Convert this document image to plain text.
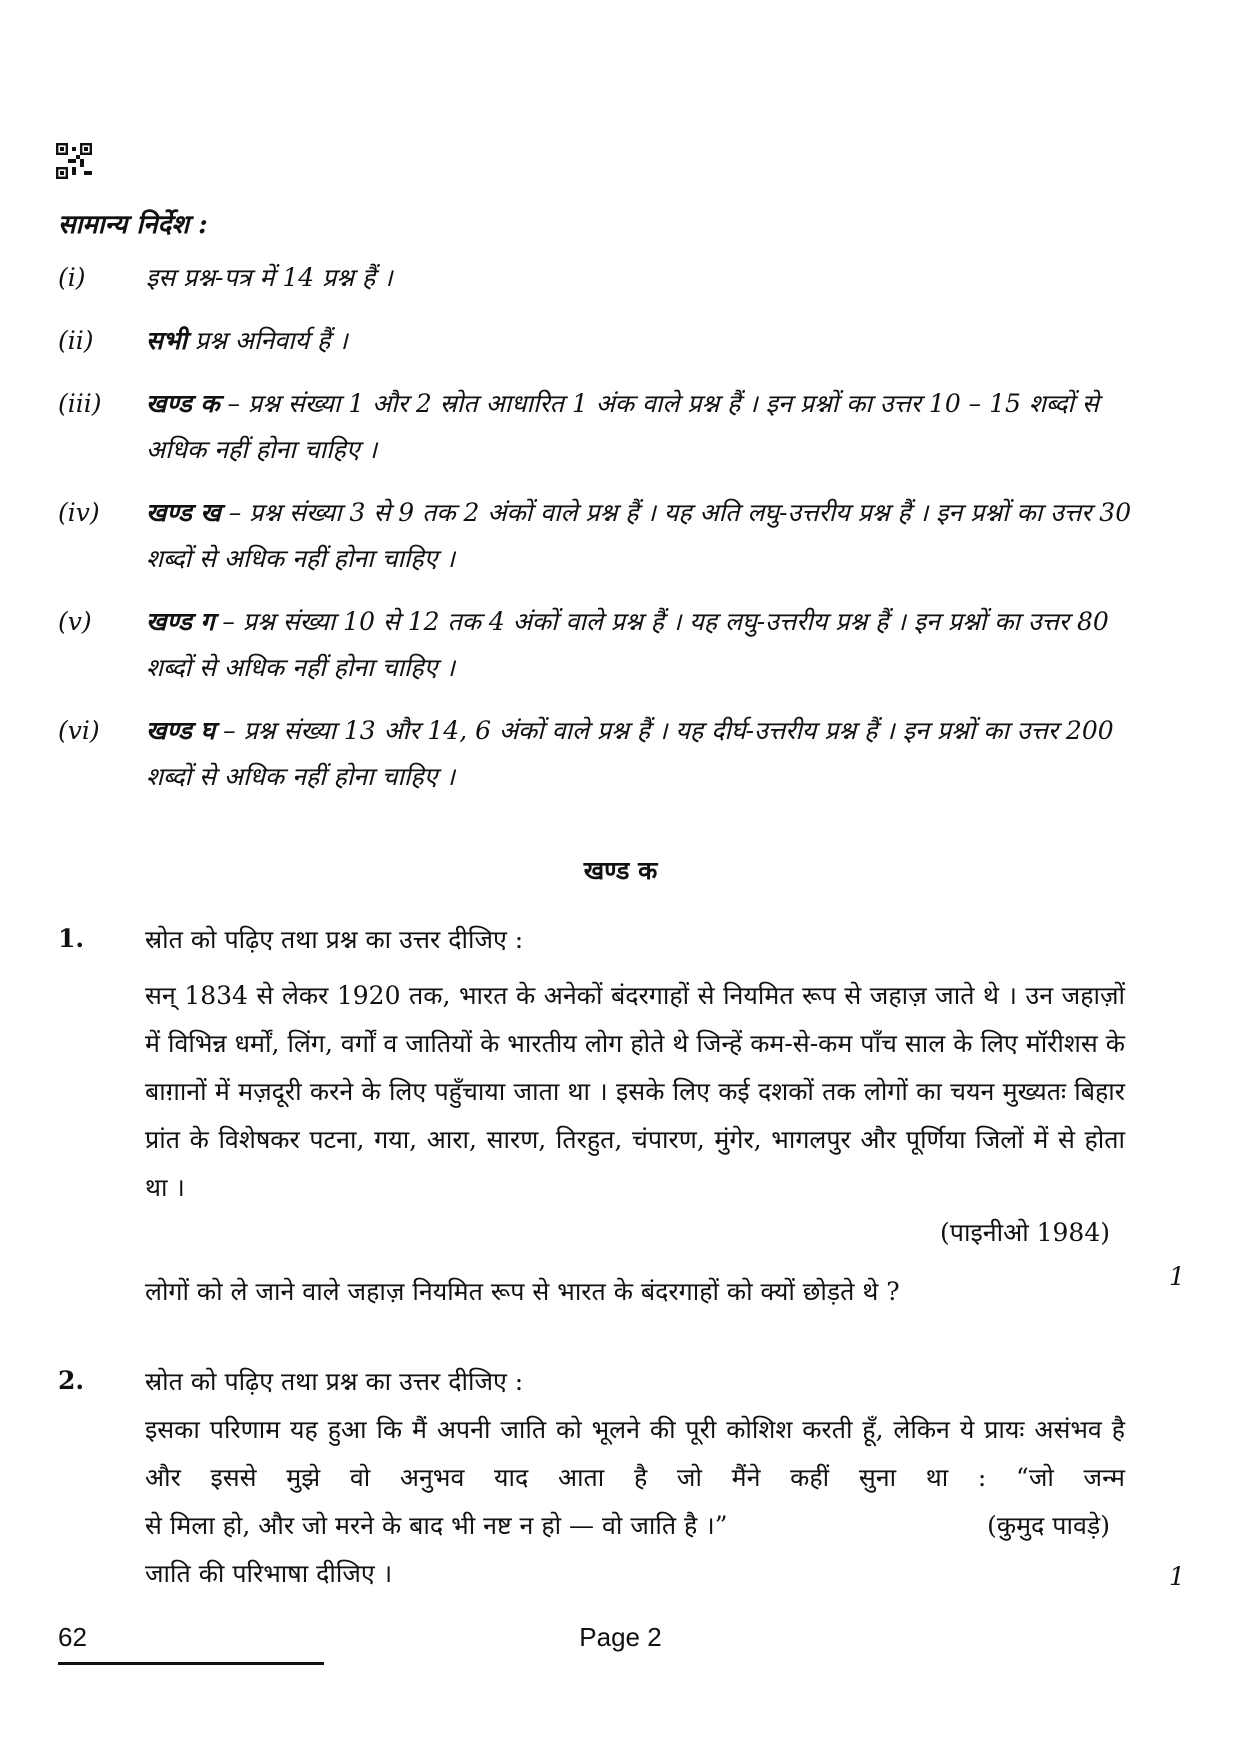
सामान्य निर्देश :
(i)	इस प्रश्न-पत्र में 14 प्रश्न हैं ।
(ii)	सभी प्रश्न अनिवार्य हैं ।
(iii)	खण्ड क – प्रश्न संख्या 1 और 2 स्रोत आधारित 1 अंक वाले प्रश्न हैं । इन प्रश्नों का उत्तर 10 – 15 शब्दों से अधिक नहीं होना चाहिए ।
(iv)	खण्ड ख – प्रश्न संख्या 3 से 9 तक 2 अंकों वाले प्रश्न हैं । यह अति लघु-उत्तरीय प्रश्न हैं । इन प्रश्नों का उत्तर 30 शब्दों से अधिक नहीं होना चाहिए ।
(v)	खण्ड ग – प्रश्न संख्या 10 से 12 तक 4 अंकों वाले प्रश्न हैं । यह लघु-उत्तरीय प्रश्न हैं । इन प्रश्नों का उत्तर 80 शब्दों से अधिक नहीं होना चाहिए ।
(vi)	खण्ड घ – प्रश्न संख्या 13 और 14, 6 अंकों वाले प्रश्न हैं । यह दीर्घ-उत्तरीय प्रश्न हैं । इन प्रश्नों का उत्तर 200 शब्दों से अधिक नहीं होना चाहिए ।
खण्ड क
1. स्रोत को पढ़िए तथा प्रश्न का उत्तर दीजिए :
सन् 1834 से लेकर 1920 तक, भारत के अनेकों बंदरगाहों से नियमित रूप से जहाज़ जाते थे । उन जहाज़ों में विभिन्न धर्मों, लिंग, वर्गों व जातियों के भारतीय लोग होते थे जिन्हें कम-से-कम पाँच साल के लिए मॉरीशस के बाग़ानों में मज़दूरी करने के लिए पहुँचाया जाता था । इसके लिए कई दशकों तक लोगों का चयन मुख्यतः बिहार प्रांत के विशेषकर पटना, गया, आरा, सारण, तिरहुत, चंपारण, मुंगेर, भागलपुर और पूर्णिया जिलों में से होता था ।
(पाइनीओ 1984)
लोगों को ले जाने वाले जहाज़ नियमित रूप से भारत के बंदरगाहों को क्यों छोड़ते थे ?
1
2. स्रोत को पढ़िए तथा प्रश्न का उत्तर दीजिए :
इसका परिणाम यह हुआ कि मैं अपनी जाति को भूलने की पूरी कोशिश करती हूँ, लेकिन ये प्रायः असंभव है और इससे मुझे वो अनुभव याद आता है जो मैंने कहीं सुना था : “जो जन्म
से मिला हो, और जो मरने के बाद भी नष्ट न हो — वो जाति है ।”	(कुमुद पावड़े)
जाति की परिभाषा दीजिए ।	1
62	Page 2
